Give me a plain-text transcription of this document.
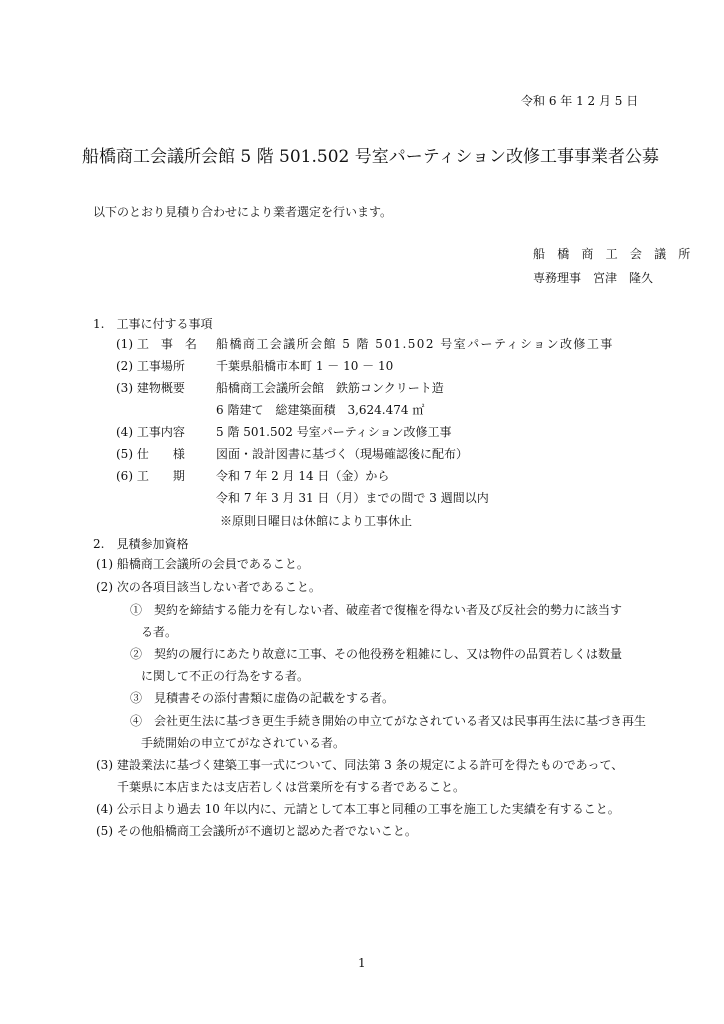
令和 6 年 1 2 月 5 日
船橋商工会議所会館 5 階 501.502 号室パーティション改修工事事業者公募
以下のとおり見積り合わせにより業者選定を行います。
船 橋 商 工 会 議 所
専務理事　宮津　隆久
1.　工事に付する事項
(1) 工　事　名 船橋商工会議所会館 5 階 501.502 号室パーティション改修工事
(2) 工事場所	千葉県船橋市本町 1 － 10 － 10
(3) 建物概要	船橋商工会議所会館　鉄筋コンクリート造
6 階建て　総建築面積　3,624.474 ㎡
(4) 工事内容	5 階 501.502 号室パーティション改修工事
(5) 仕　　様	図面・設計図書に基づく（現場確認後に配布）
(6) 工　　期	令和 7 年 2 月 14 日（金）から
令和 7 年 3 月 31 日（月）までの間で 3 週間以内
※原則日曜日は休館により工事休止
2.　見積参加資格
(1) 船橋商工会議所の会員であること。
(2) 次の各項目該当しない者であること。
①　契約を締結する能力を有しない者、破産者で復権を得ない者及び反社会的勢力に該当す
る者。
②　契約の履行にあたり故意に工事、その他役務を粗雑にし、又は物件の品質若しくは数量
に関して不正の行為をする者。
③　見積書その添付書類に虚偽の記載をする者。
④　会社更生法に基づき更生手続き開始の申立てがなされている者又は民事再生法に基づき再生
手続開始の申立てがなされている者。
(3) 建設業法に基づく建築工事一式について、同法第 3 条の規定による許可を得たものであって、
千葉県に本店または支店若しくは営業所を有する者であること。
(4) 公示日より過去 10 年以内に、元請として本工事と同種の工事を施工した実績を有すること。
(5) その他船橋商工会議所が不適切と認めた者でないこと。
1
